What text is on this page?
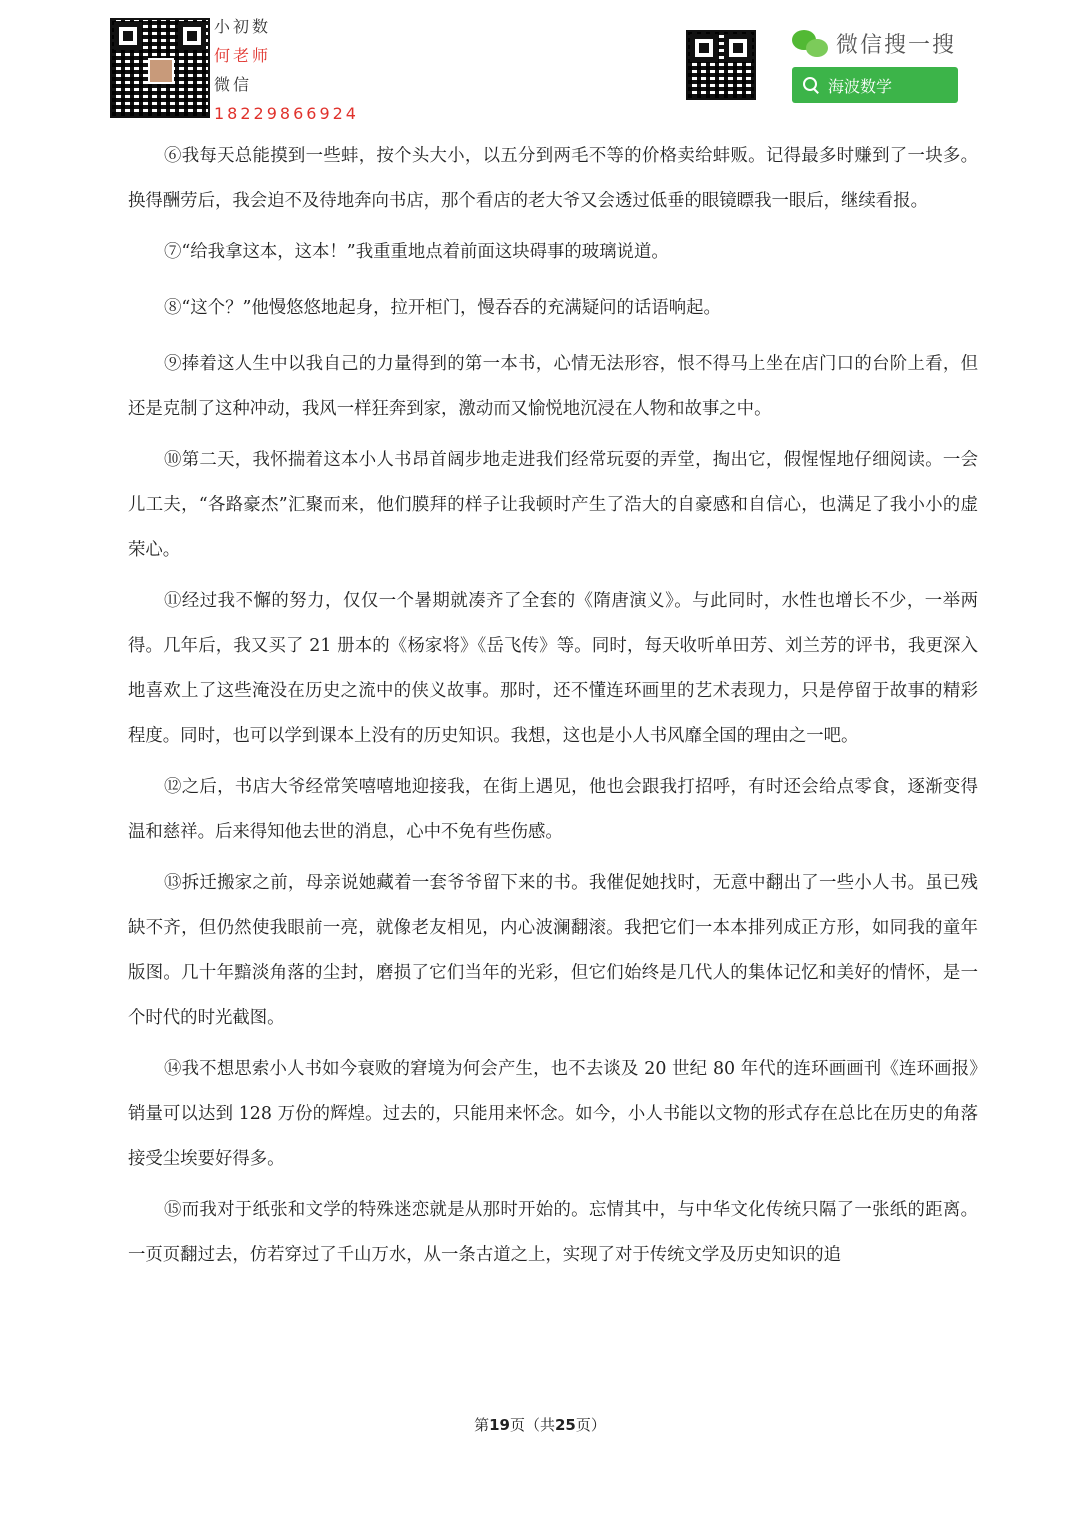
小初数
何老师
微信
18229866924
微信搜一搜
海波数学

⑥我每天总能摸到一些蚌，按个头大小，以五分到两毛不等的价格卖给蚌贩。记得最多时赚到了一块多。换得酬劳后，我会迫不及待地奔向书店，那个看店的老大爷又会透过低垂的眼镜瞟我一眼后，继续看报。

⑦“给我拿这本，这本！”我重重地点着前面这块碍事的玻璃说道。

⑧“这个？”他慢悠悠地起身，拉开柜门，慢吞吞的充满疑问的话语响起。

⑨捧着这人生中以我自己的力量得到的第一本书，心情无法形容，恨不得马上坐在店门口的台阶上看，但还是克制了这种冲动，我风一样狂奔到家，激动而又愉悦地沉浸在人物和故事之中。

⑩第二天，我怀揣着这本小人书昂首阔步地走进我们经常玩耍的弄堂，掏出它，假惺惺地仔细阅读。一会儿工夫，“各路豪杰”汇聚而来，他们膜拜的样子让我顿时产生了浩大的自豪感和自信心，也满足了我小小的虚荣心。

⑪经过我不懈的努力，仅仅一个暑期就凑齐了全套的《隋唐演义》。与此同时，水性也增长不少，一举两得。几年后，我又买了 21 册本的《杨家将》《岳飞传》等。同时，每天收听单田芳、刘兰芳的评书，我更深入地喜欢上了这些淹没在历史之流中的侠义故事。那时，还不懂连环画里的艺术表现力，只是停留于故事的精彩程度。同时，也可以学到课本上没有的历史知识。我想，这也是小人书风靡全国的理由之一吧。

⑫之后，书店大爷经常笑嘻嘻地迎接我，在街上遇见，他也会跟我打招呼，有时还会给点零食，逐渐变得温和慈祥。后来得知他去世的消息，心中不免有些伤感。

⑬拆迁搬家之前，母亲说她藏着一套爷爷留下来的书。我催促她找时，无意中翻出了一些小人书。虽已残缺不齐，但仍然使我眼前一亮，就像老友相见，内心波澜翻滚。我把它们一本本排列成正方形，如同我的童年版图。几十年黯淡角落的尘封，磨损了它们当年的光彩，但它们始终是几代人的集体记忆和美好的情怀，是一个时代的时光截图。

⑭我不想思索小人书如今衰败的窘境为何会产生，也不去谈及 20 世纪 80 年代的连环画画刊《连环画报》销量可以达到 128 万份的辉煌。过去的，只能用来怀念。如今，小人书能以文物的形式存在总比在历史的角落接受尘埃要好得多。

⑮而我对于纸张和文学的特殊迷恋就是从那时开始的。忘情其中，与中华文化传统只隔了一张纸的距离。一页页翻过去，仿若穿过了千山万水，从一条古道之上，实现了对于传统文学及历史知识的追

第19页（共25页）
